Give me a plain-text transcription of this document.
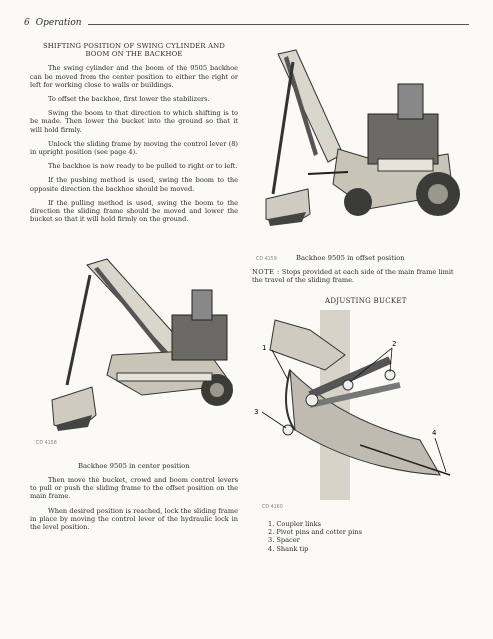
6 Operation
SHIFTING POSITION OF SWING CYLINDER AND BOOM ON THE BACKHOE

The swing cylinder and the boom of the 9505 backhoe can be moved from the center position to either the right or left for working close to walls or buildings.

To offset the backhoe, first lower the stabilizers.

Swing the boom to that direction to which shifting is to be made. Then lower the bucket into the ground so that it will hold firmly.

Unlock the sliding frame by moving the control lever (8) in upright position (see page 4).

The backhoe is now ready to be pulled to right or to left.

If the pushing method is used, swing the boom to the opposite direction the backhoe should be moved.

If the pulling method is used, swing the boom to the direction the sliding frame should be moved and lower the bucket so that it will hold firmly on the ground.

CD 4159	Backhoe 9505 in offset position
NOTE : Stops provided at each side of the main frame limit the travel of the sliding frame.
ADJUSTING BUCKET
1	2
3
4
CD 4160
CD 4158
Backhoe 9505 in center position

Then move the bucket, crowd and boom control levers to pull or push the sliding frame to the offset position on the main frame.

When desired position is reached, lock the sliding frame in place by moving the control lever of the hydraulic lock in the level position.	1. Coupler links
2. Pivot pins and cotter pins
3. Spacer
4. Shank tip
